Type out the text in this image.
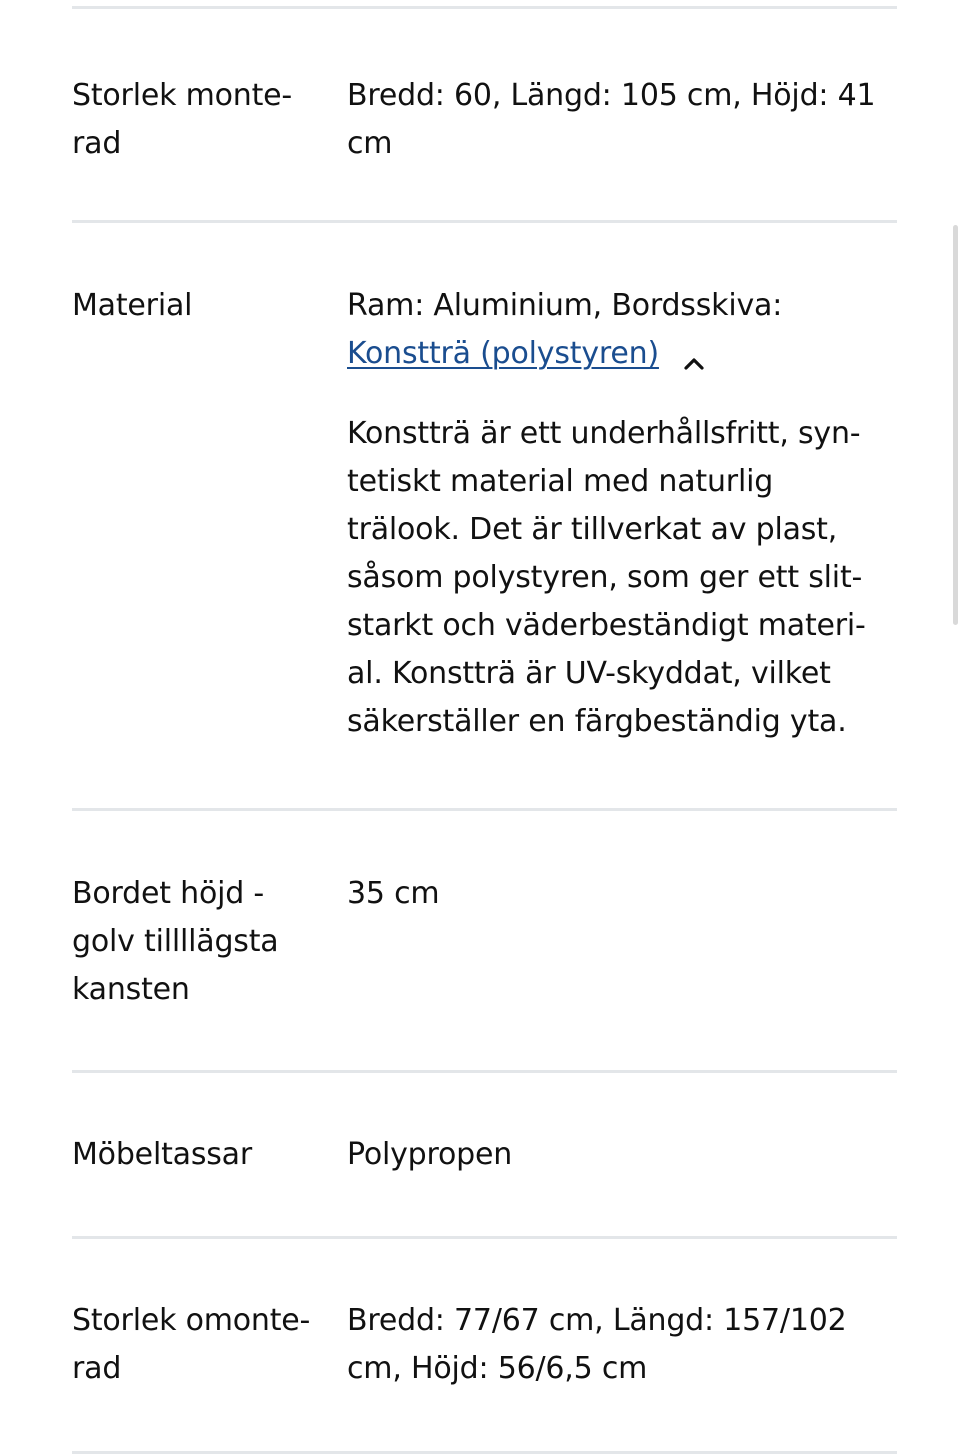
Storlek monte-
rad
Bredd: 60, Längd: 105 cm, Höjd: 41
cm
Material	Ram: Aluminium, Bordsskiva:
Konstträ (polystyren)

Konstträ är ett underhållsfritt, syn-
tetiskt material med naturlig
trälook. Det är tillverkat av plast,
såsom polystyren, som ger ett slit-
starkt och väderbeständigt materi-
al. Konstträ är UV-skyddat, vilket
säkerställer en färgbeständig yta.

Bordet höjd -
golv tillllägsta
kansten
35 cm
Möbeltassar	Polypropen
Storlek omonte-
rad
Bredd: 77/67 cm, Längd: 157/102
cm, Höjd: 56/6,5 cm
